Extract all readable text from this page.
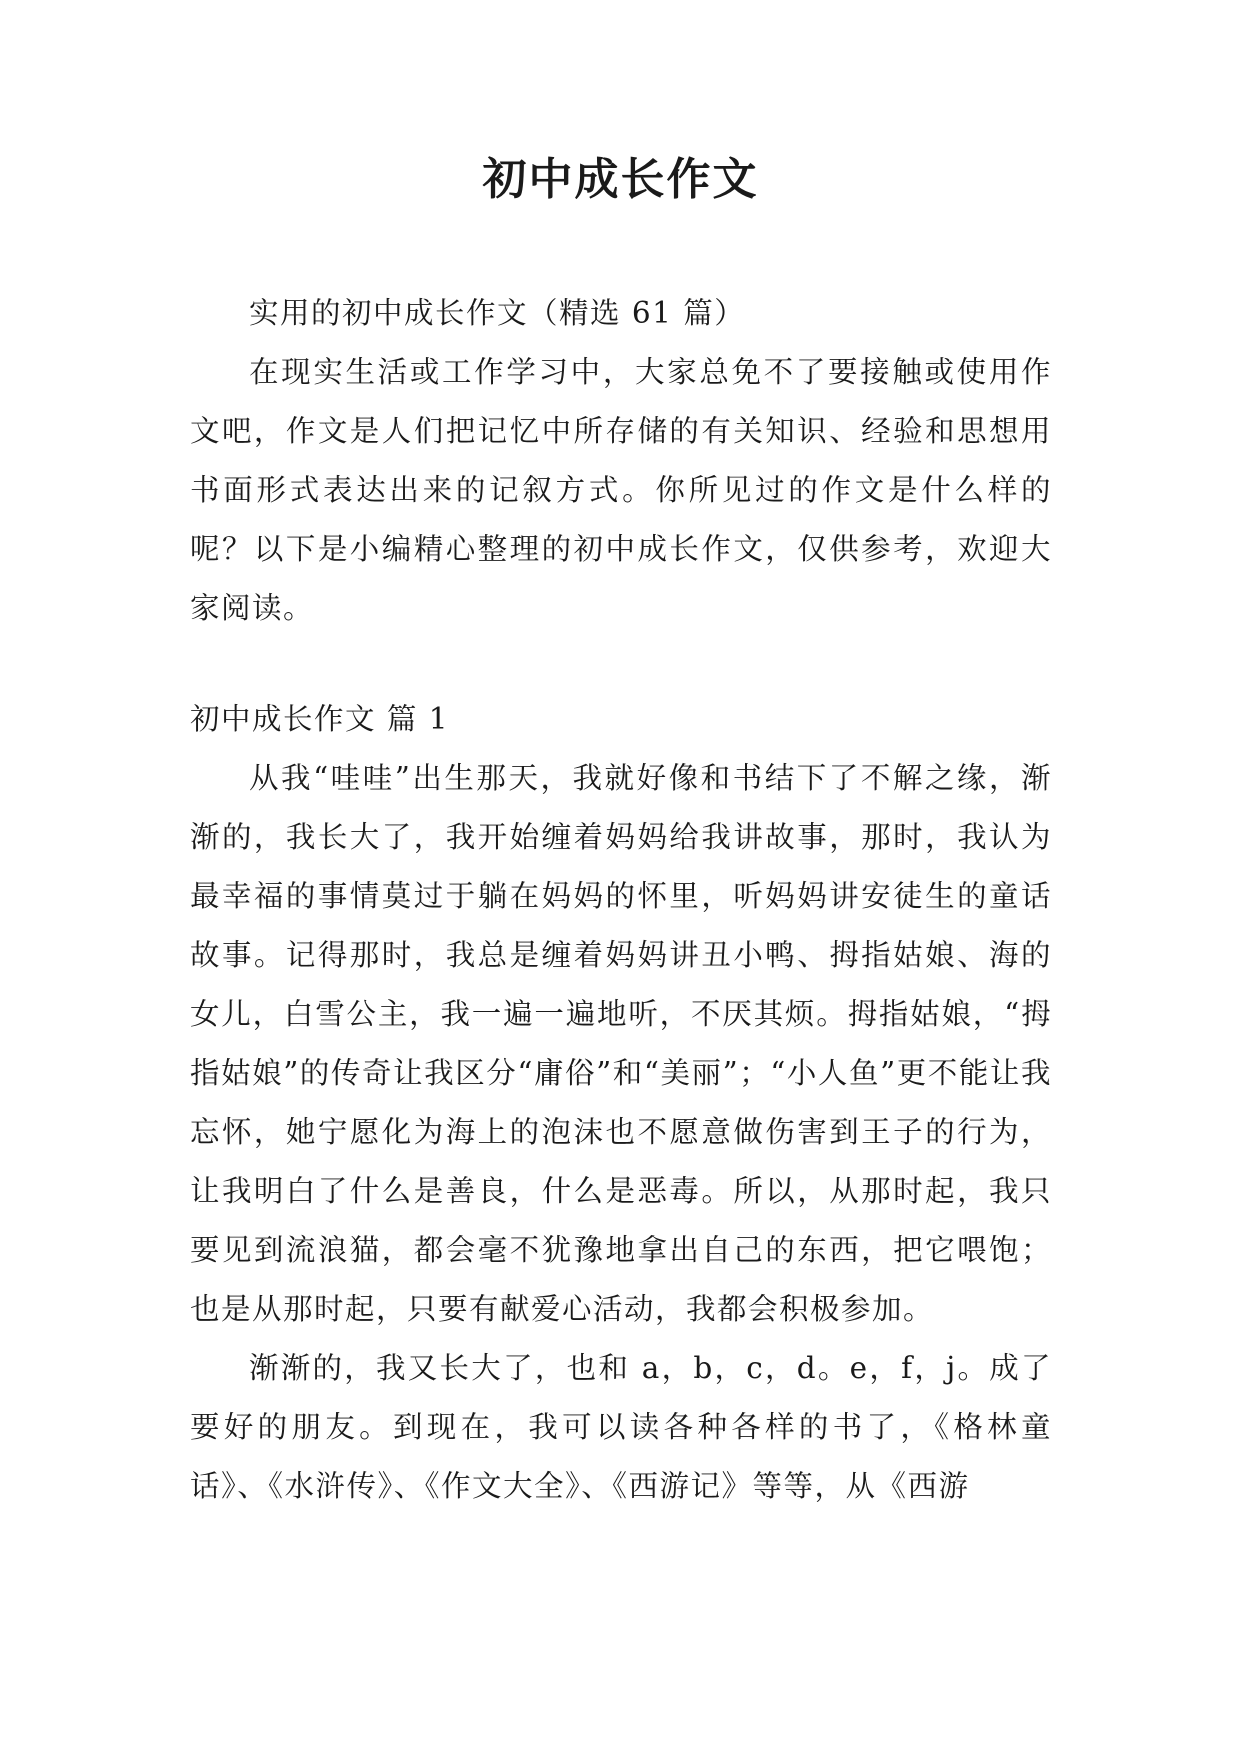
初中成长作文

实用的初中成长作文（精选 61 篇）

在现实生活或工作学习中，大家总免不了要接触或使用作文吧，作文是人们把记忆中所存储的有关知识、经验和思想用书面形式表达出来的记叙方式。你所见过的作文是什么样的呢？以下是小编精心整理的初中成长作文，仅供参考，欢迎大家阅读。

初中成长作文 篇 1

从我“哇哇”出生那天，我就好像和书结下了不解之缘，渐渐的，我长大了，我开始缠着妈妈给我讲故事，那时，我认为最幸福的事情莫过于躺在妈妈的怀里，听妈妈讲安徒生的童话故事。记得那时，我总是缠着妈妈讲丑小鸭、拇指姑娘、海的女儿，白雪公主，我一遍一遍地听，不厌其烦。拇指姑娘，“拇指姑娘”的传奇让我区分“庸俗”和“美丽”；“小人鱼”更不能让我忘怀，她宁愿化为海上的泡沫也不愿意做伤害到王子的行为，让我明白了什么是善良，什么是恶毒。所以，从那时起，我只要见到流浪猫，都会毫不犹豫地拿出自己的东西，把它喂饱；也是从那时起，只要有献爱心活动，我都会积极参加。

渐渐的，我又长大了，也和 a，b，c，d。e，f，j。成了要好的朋友。到现在，我可以读各种各样的书了，《格林童话》、《水浒传》、《作文大全》、《西游记》等等，从《西游
